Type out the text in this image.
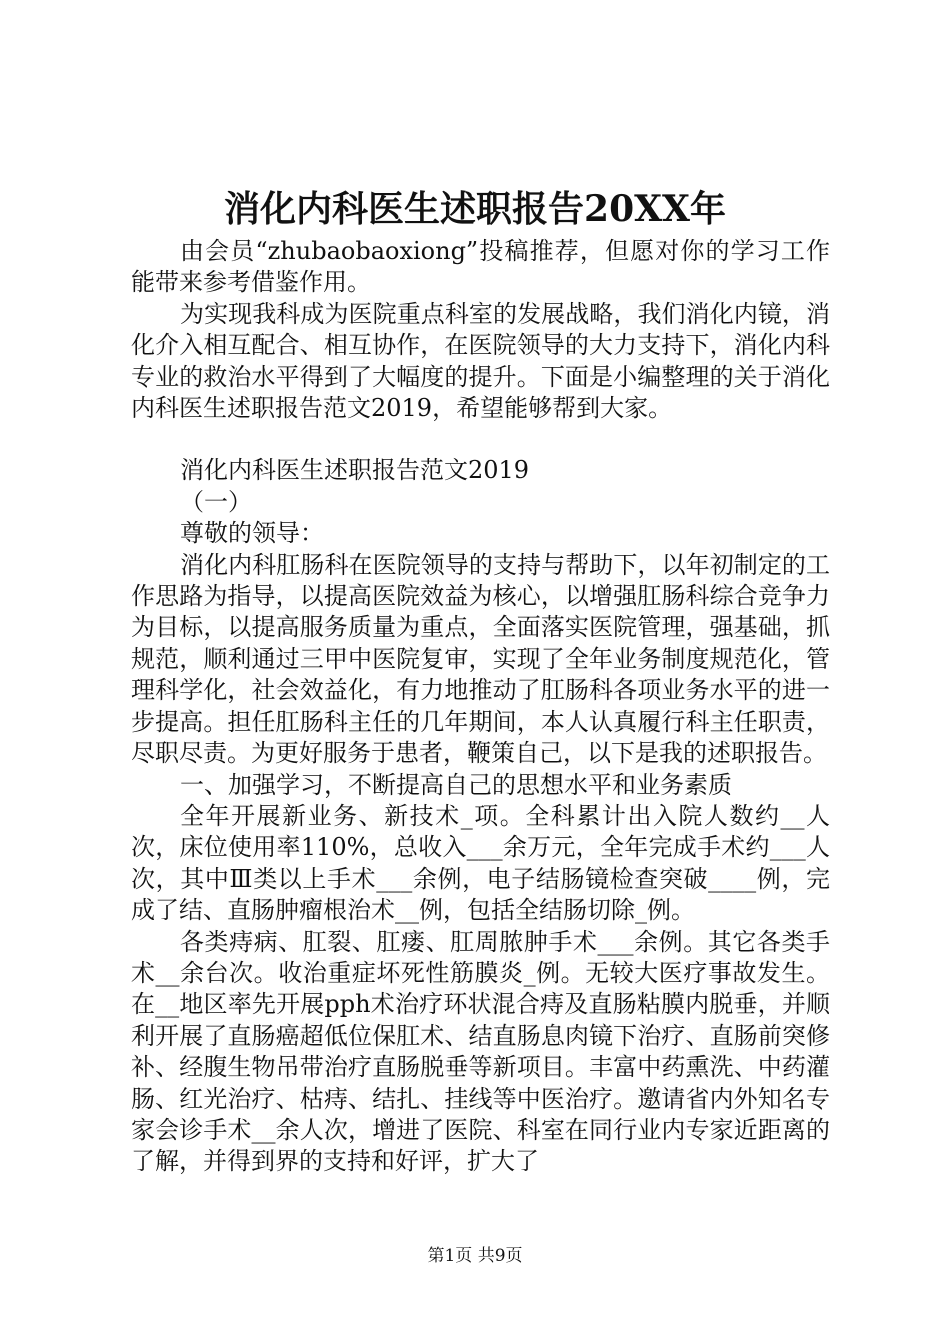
消化内科医生述职报告20XX年

由会员“zhubaobaoxiong”投稿推荐，但愿对你的学习工作能带来参考借鉴作用。

为实现我科成为医院重点科室的发展战略，我们消化内镜，消化介入相互配合、相互协作，在医院领导的大力支持下，消化内科专业的救治水平得到了大幅度的提升。下面是小编整理的关于消化内科医生述职报告范文2019，希望能够帮到大家。

消化内科医生述职报告范文2019

（一）

尊敬的领导：

消化内科肛肠科在医院领导的支持与帮助下，以年初制定的工作思路为指导，以提高医院效益为核心，以增强肛肠科综合竞争力为目标，以提高服务质量为重点，全面落实医院管理，强基础，抓规范，顺利通过三甲中医院复审，实现了全年业务制度规范化，管理科学化，社会效益化，有力地推动了肛肠科各项业务水平的进一步提高。担任肛肠科主任的几年期间，本人认真履行科主任职责，尽职尽责。为更好服务于患者，鞭策自己，以下是我的述职报告。

一、加强学习，不断提高自己的思想水平和业务素质

全年开展新业务、新技术_项。全科累计出入院人数约__人次，床位使用率110%，总收入___余万元，全年完成手术约___人次，其中Ⅲ类以上手术___余例，电子结肠镜检查突破____例，完成了结、直肠肿瘤根治术__例，包括全结肠切除_例。

各类痔病、肛裂、肛瘘、肛周脓肿手术___余例。其它各类手术__余台次。收治重症坏死性筋膜炎_例。无较大医疗事故发生。在__地区率先开展pph术治疗环状混合痔及直肠粘膜内脱垂，并顺利开展了直肠癌超低位保肛术、结直肠息肉镜下治疗、直肠前突修补、经腹生物吊带治疗直肠脱垂等新项目。丰富中药熏洗、中药灌肠、红光治疗、枯痔、结扎、挂线等中医治疗。邀请省内外知名专家会诊手术__余人次，增进了医院、科室在同行业内专家近距离的了解，并得到界的支持和好评，扩大了

第1页 共9页
